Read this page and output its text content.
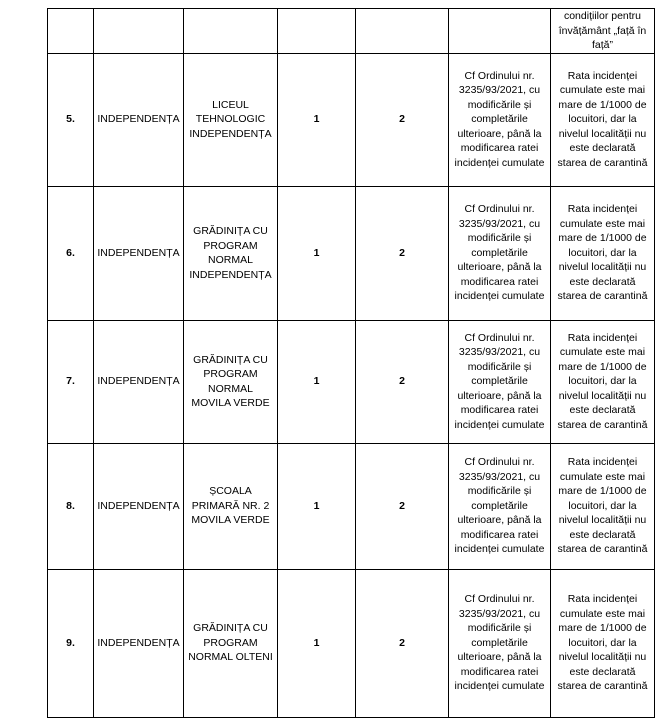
						condițiilor pentru învățământ „față în față”
5.	INDEPENDENȚA	LICEUL TEHNOLOGIC INDEPENDENȚA	1	2	Cf Ordinului nr. 3235/93/2021, cu modificările și completările ulterioare, până la modificarea ratei incidenței cumulate	Rata incidenței cumulate este mai mare de 1/1000 de locuitori, dar la nivelul localității nu este declarată starea de carantină
6.	INDEPENDENȚA	GRĂDINIȚA CU PROGRAM NORMAL INDEPENDENȚA	1	2	Cf Ordinului nr. 3235/93/2021, cu modificările și completările ulterioare, până la modificarea ratei incidenței cumulate	Rata incidenței cumulate este mai mare de 1/1000 de locuitori, dar la nivelul localității nu este declarată starea de carantină
7.	INDEPENDENȚA	GRĂDINIȚA CU PROGRAM NORMAL MOVILA VERDE	1	2	Cf Ordinului nr. 3235/93/2021, cu modificările și completările ulterioare, până la modificarea ratei incidenței cumulate	Rata incidenței cumulate este mai mare de 1/1000 de locuitori, dar la nivelul localității nu este declarată starea de carantină
8.	INDEPENDENȚA	ȘCOALA PRIMARĂ NR. 2 MOVILA VERDE	1	2	Cf Ordinului nr. 3235/93/2021, cu modificările și completările ulterioare, până la modificarea ratei incidenței cumulate	Rata incidenței cumulate este mai mare de 1/1000 de locuitori, dar la nivelul localității nu este declarată starea de carantină
9.	INDEPENDENȚA	GRĂDINIȚA CU PROGRAM NORMAL OLTENI	1	2	Cf Ordinului nr. 3235/93/2021, cu modificările și completările ulterioare, până la modificarea ratei incidenței cumulate	Rata incidenței cumulate este mai mare de 1/1000 de locuitori, dar la nivelul localității nu este declarată starea de carantină
